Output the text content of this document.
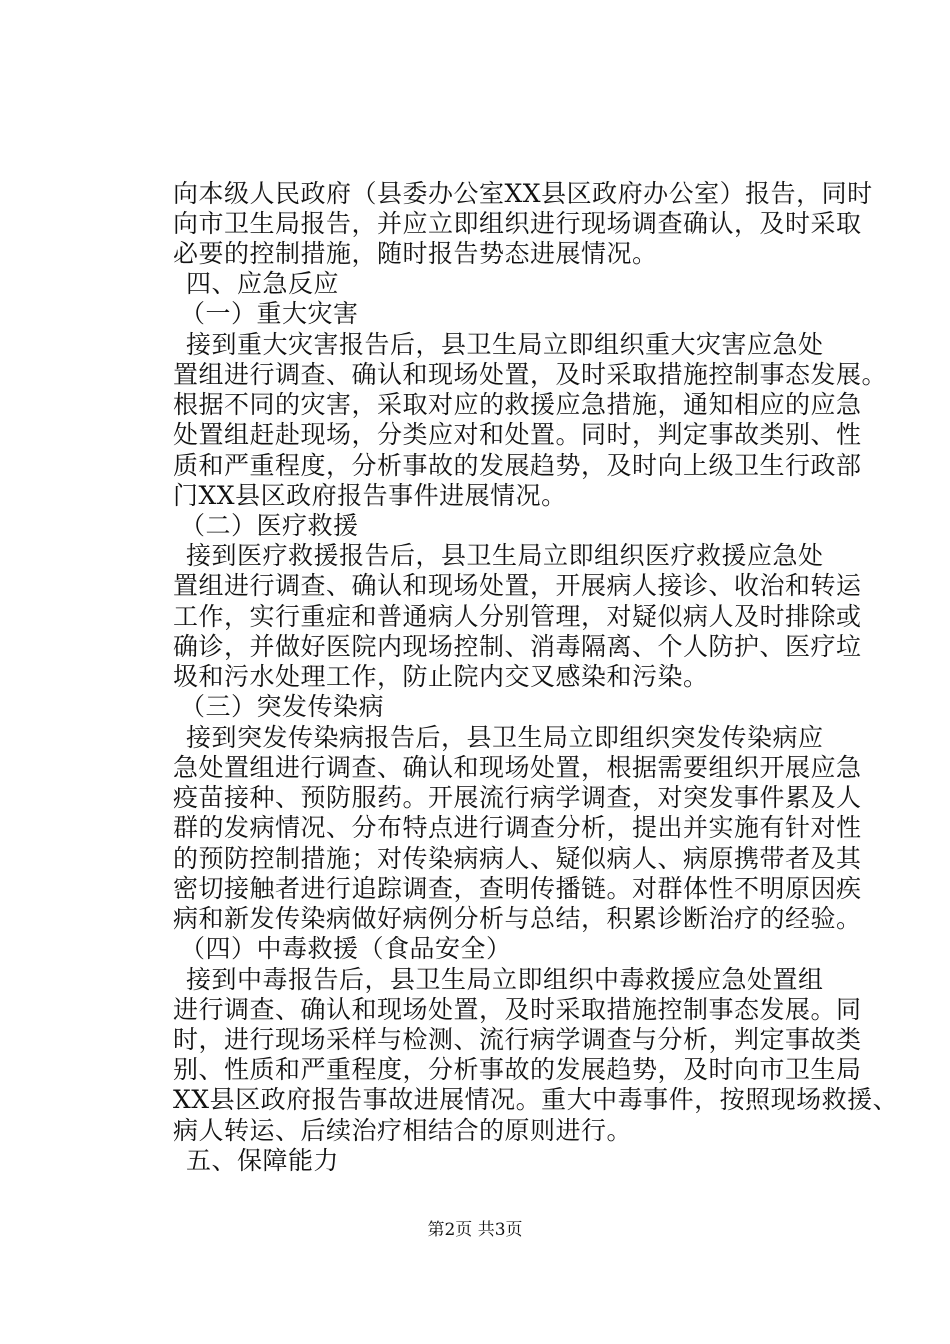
向本级人民政府（县委办公室XX县区政府办公室）报告，同时
向市卫生局报告，并应立即组织进行现场调查确认，及时采取
必要的控制措施，随时报告势态进展情况。
四、应急反应
（一）重大灾害
接到重大灾害报告后，县卫生局立即组织重大灾害应急处
置组进行调查、确认和现场处置，及时采取措施控制事态发展。
根据不同的灾害，采取对应的救援应急措施，通知相应的应急
处置组赶赴现场，分类应对和处置。同时，判定事故类别、性
质和严重程度，分析事故的发展趋势，及时向上级卫生行政部
门XX县区政府报告事件进展情况。
（二）医疗救援
接到医疗救援报告后，县卫生局立即组织医疗救援应急处
置组进行调查、确认和现场处置，开展病人接诊、收治和转运
工作，实行重症和普通病人分别管理，对疑似病人及时排除或
确诊，并做好医院内现场控制、消毒隔离、个人防护、医疗垃
圾和污水处理工作，防止院内交叉感染和污染。
（三）突发传染病
接到突发传染病报告后，县卫生局立即组织突发传染病应
急处置组进行调查、确认和现场处置，根据需要组织开展应急
疫苗接种、预防服药。开展流行病学调查，对突发事件累及人
群的发病情况、分布特点进行调查分析，提出并实施有针对性
的预防控制措施；对传染病病人、疑似病人、病原携带者及其
密切接触者进行追踪调查，查明传播链。对群体性不明原因疾
病和新发传染病做好病例分析与总结，积累诊断治疗的经验。
（四）中毒救援（食品安全）
接到中毒报告后，县卫生局立即组织中毒救援应急处置组
进行调查、确认和现场处置，及时采取措施控制事态发展。同
时，进行现场采样与检测、流行病学调查与分析，判定事故类
别、性质和严重程度，分析事故的发展趋势，及时向市卫生局
XX县区政府报告事故进展情况。重大中毒事件，按照现场救援、
病人转运、后续治疗相结合的原则进行。
五、保障能力
第2页 共3页
